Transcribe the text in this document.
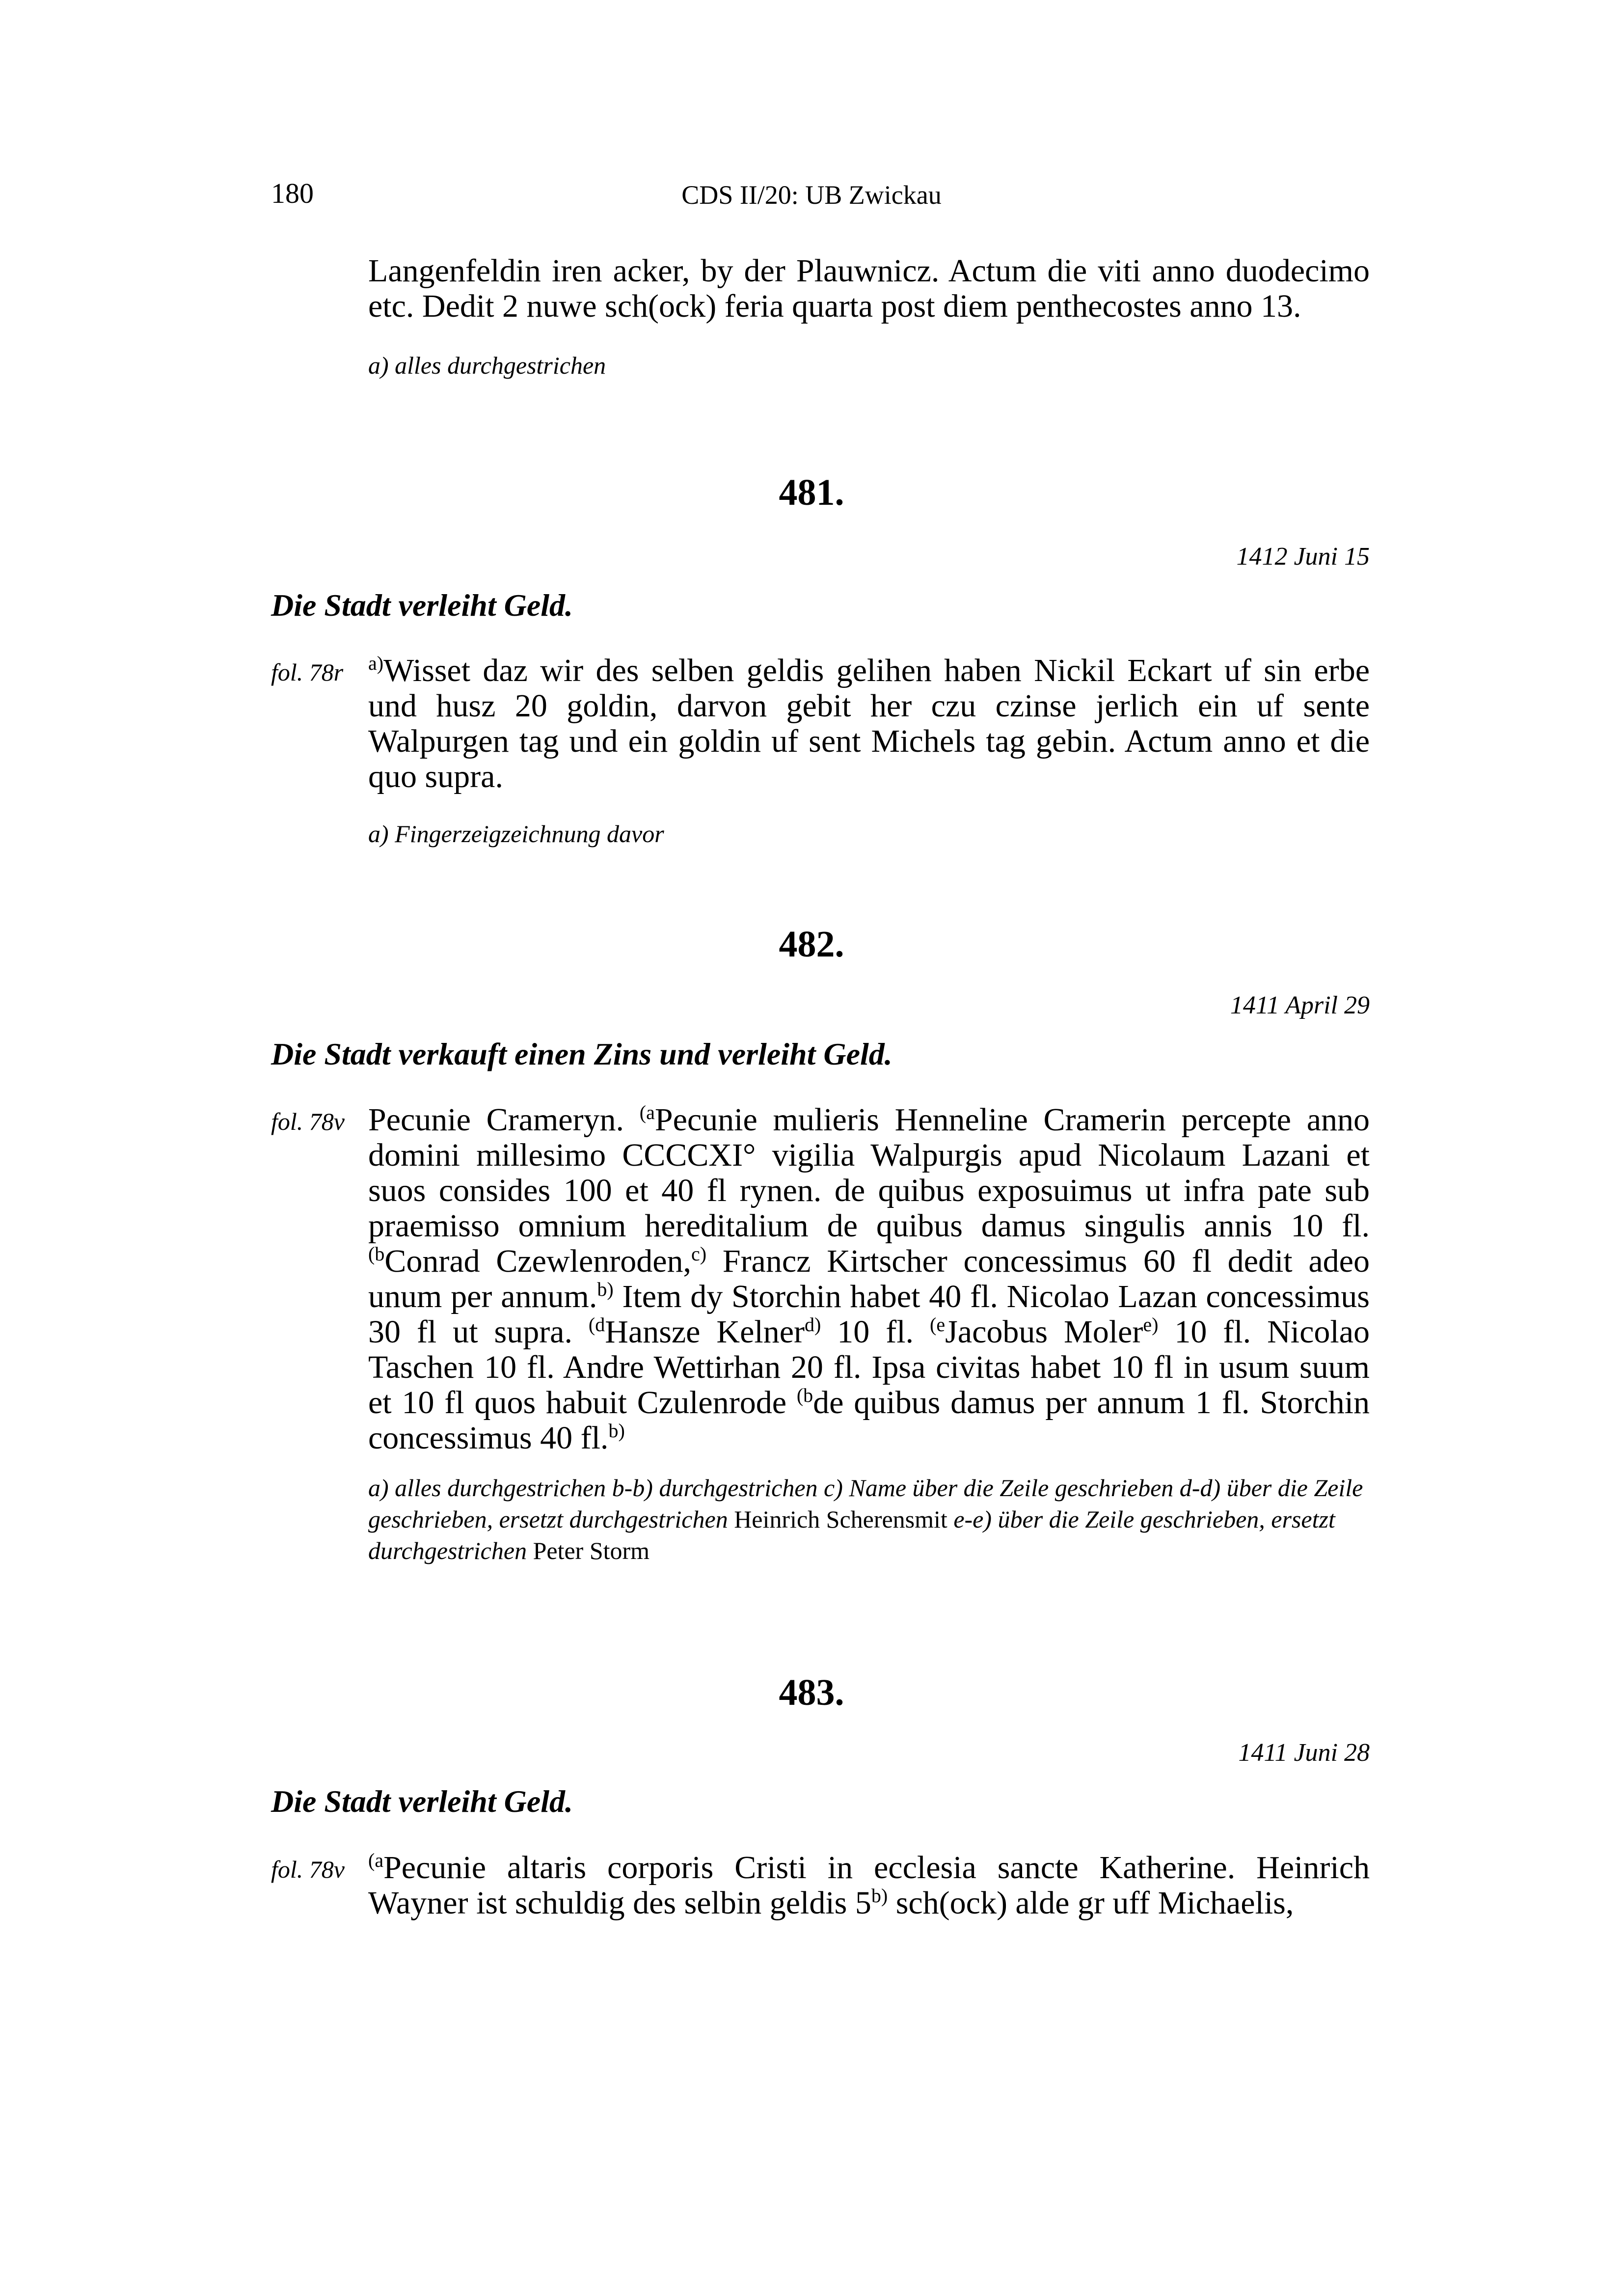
180	CDS II/20: UB Zwickau

Langenfeldin iren acker, by der Plauwnicz. Actum die viti anno duodecimo etc. Dedit 2 nuwe sch(ock) feria quarta post diem penthecostes anno 13.

a) alles durchgestrichen
481.
1412 Juni 15
Die Stadt verleiht Geld.
fol. 78r $^{a)}$Wisset daz wir des selben geldis gelihen haben Nickil Eckart uf sin erbe und husz 20 goldin, darvon gebit her czu czinse jerlich ein uf sente Walpurgen tag und ein goldin uf sent Michels tag gebin. Actum anno et die quo supra.

a) Fingerzeigzeichnung davor
482.
1411 April 29
Die Stadt verkauft einen Zins und verleiht Geld.
fol. 78v Pecunie Crameryn. $^{(a}$Pecunie mulieris Henneline Cramerin percepte anno domini millesimo CCCCXI° vigilia Walpurgis apud Nicolaum Lazani et suos consides 100 et 40 fl rynen. de quibus exposuimus ut infra pate sub praemisso omnium hereditalium de quibus damus singulis annis 10 fl. $^{(b}$Conrad Czewlenroden,$^{c)}$ Francz Kirtscher concessimus 60 fl dedit adeo unum per annum.$^{b)}$ Item dy Storchin habet 40 fl. Nicolao Lazan concessimus 30 fl ut supra. $^{(d}$Hansze Kelner$^{d)}$ 10 fl. $^{(e}$Jacobus Moler$^{e)}$ 10 fl. Nicolao Taschen 10 fl. Andre Wettirhan 20 fl. Ipsa civitas habet 10 fl in usum suum et 10 fl quos habuit Czulenrode $^{(b}$de quibus damus per annum 1 fl. Storchin concessimus 40 fl.$^{b)}$

a) alles durchgestrichen b-b) durchgestrichen c) Name über die Zeile geschrieben d-d) über die Zeile geschrieben, ersetzt durchgestrichen Heinrich Scherensmit e-e) über die Zeile geschrieben, ersetzt durchgestrichen Peter Storm
483.
1411 Juni 28
Die Stadt verleiht Geld.
fol. 78v $^{(a}$Pecunie altaris corporis Cristi in ecclesia sancte Katherine. Heinrich Wayner ist schuldig des selbin geldis 5$^{b)}$ sch(ock) alde gr uff Michaelis,
